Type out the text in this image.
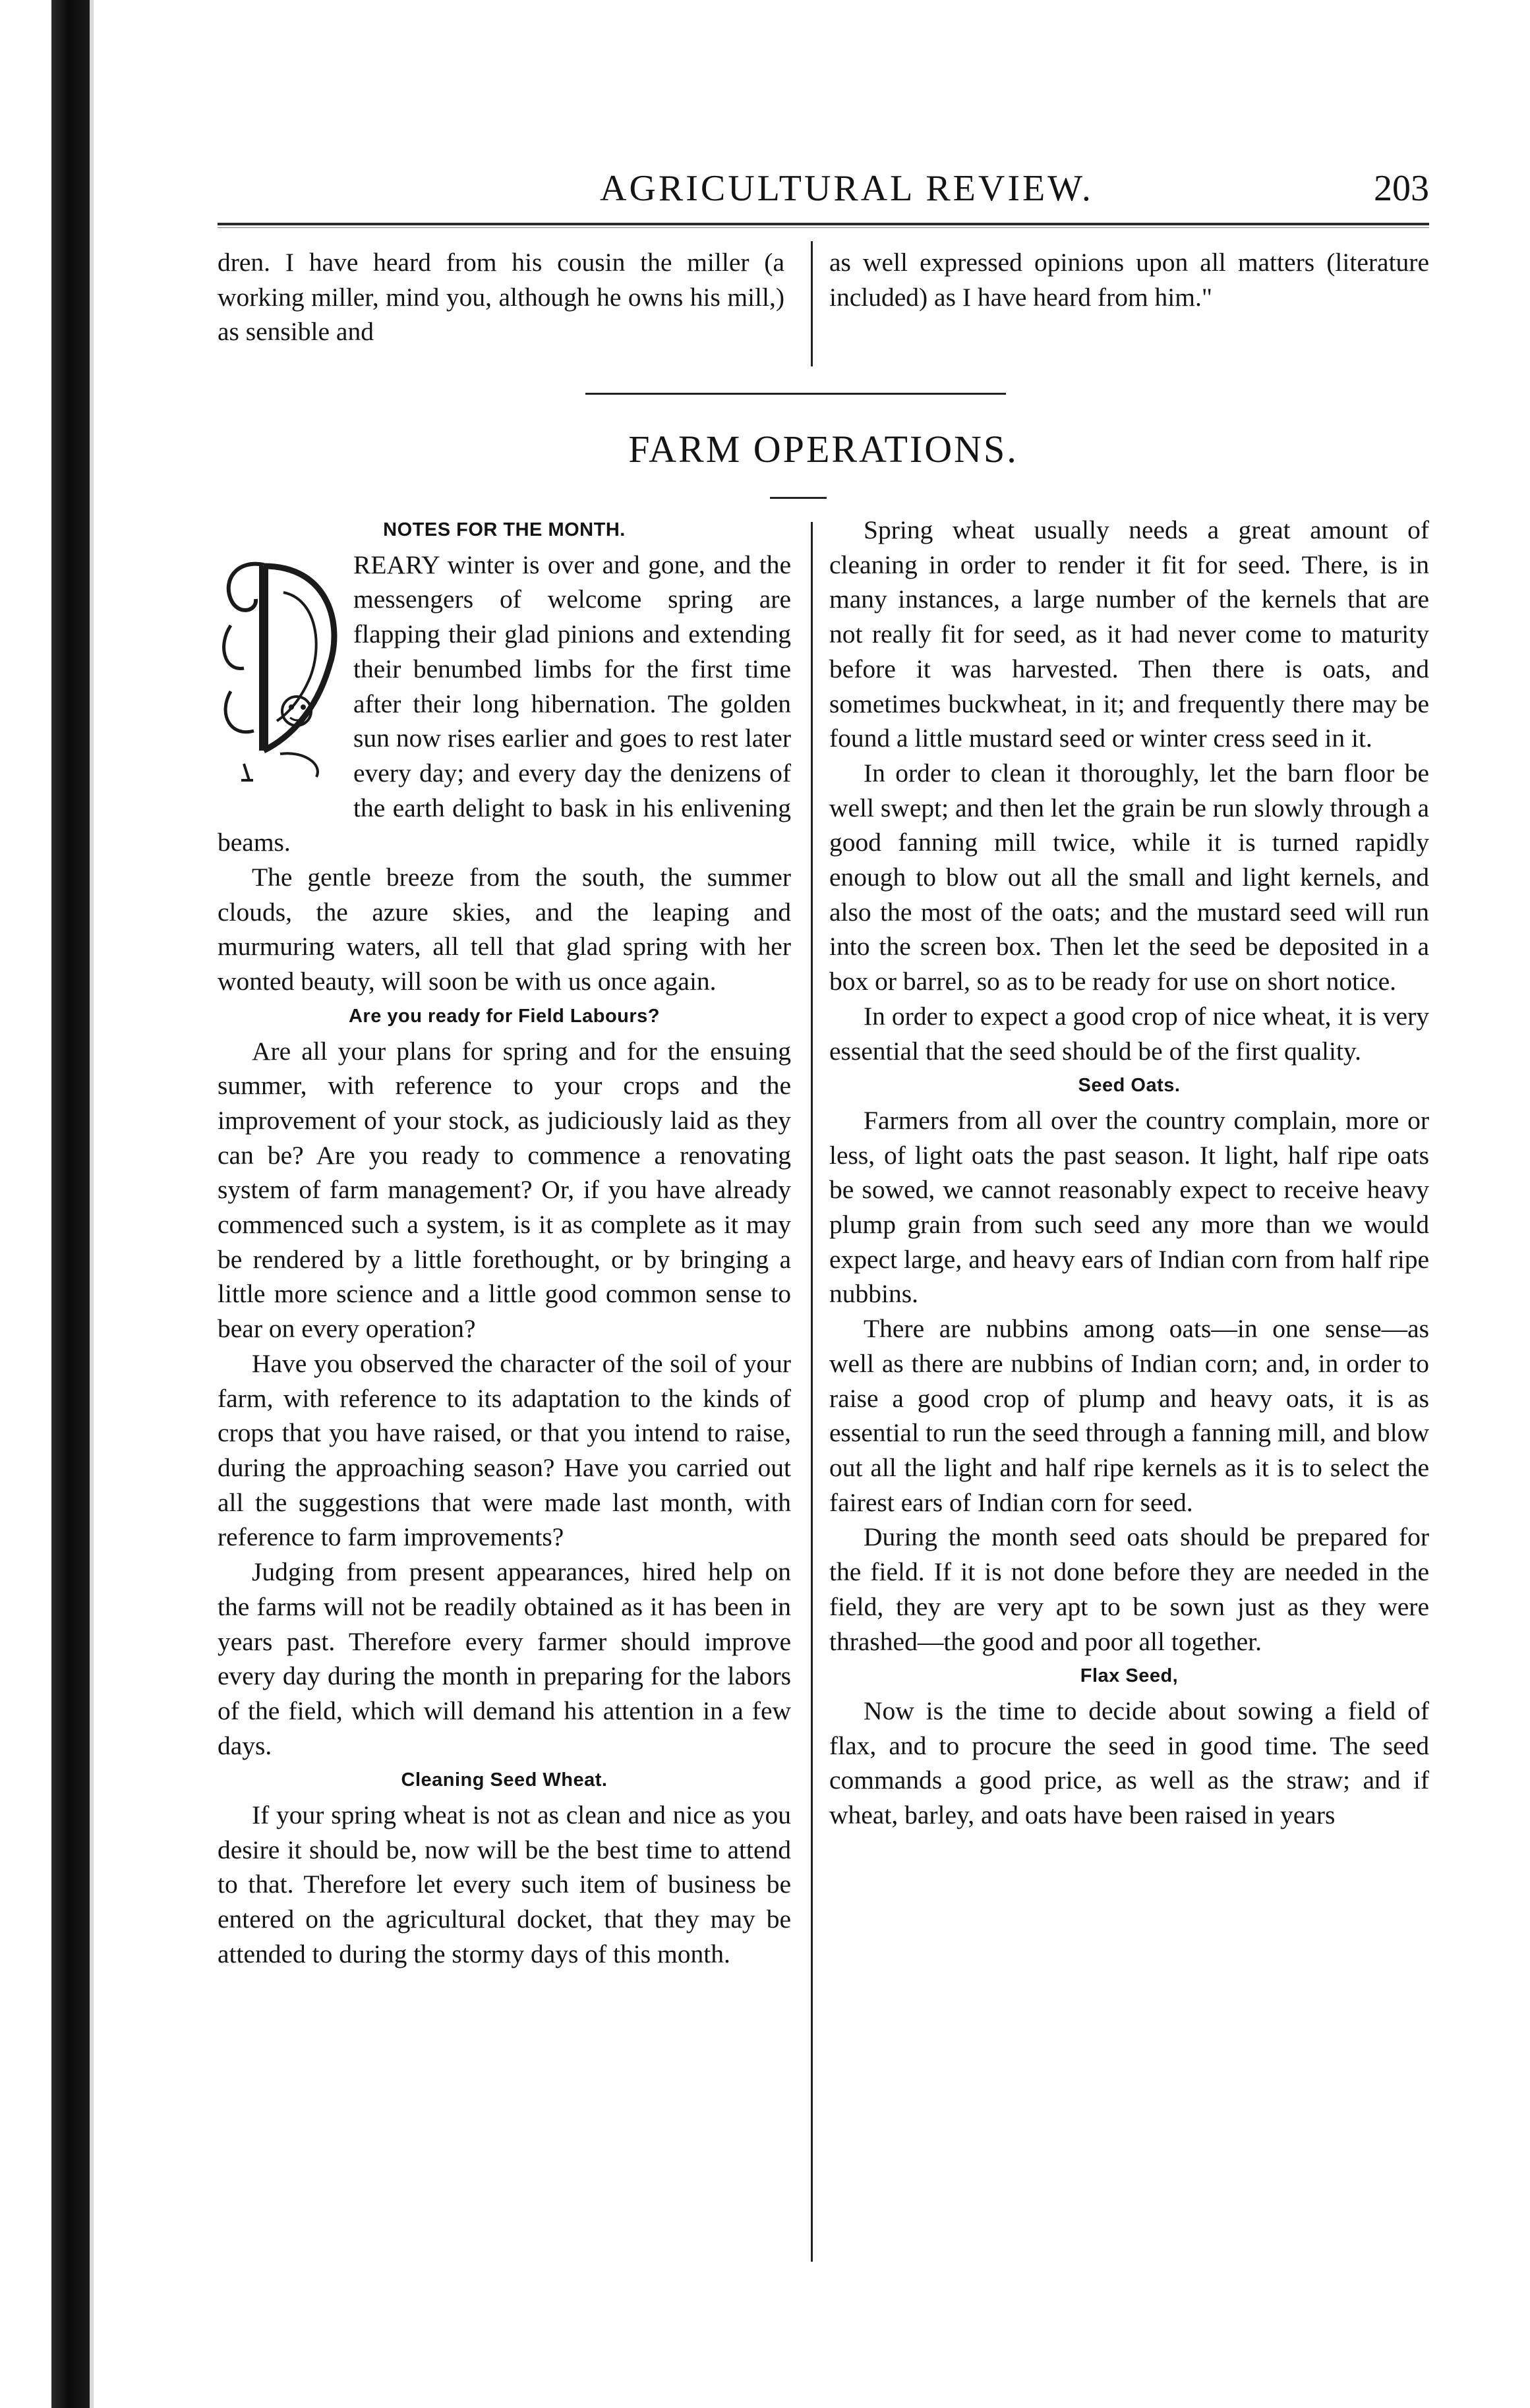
AGRICULTURAL REVIEW.	203

dren. I have heard from his cousin the miller (a working miller, mind you, although he owns his mill,) as sensible and

as well expressed opinions upon all matters (literature included) as I have heard from him."

FARM OPERATIONS.
NOTES FOR THE MONTH.
D

REARY winter is over and gone, and the messengers of welcome spring are flapping their glad pinions and extending their benumbed limbs for the first time after their long hibernation. The golden sun now rises earlier and goes to rest later every day; and every day the denizens of the earth delight to bask in his enlivening beams.

The gentle breeze from the south, the summer clouds, the azure skies, and the leaping and murmuring waters, all tell that glad spring with her wonted beauty, will soon be with us once again.

Are you ready for Field Labours?

Are all your plans for spring and for the ensuing summer, with reference to your crops and the improvement of your stock, as judiciously laid as they can be? Are you ready to commence a renovating system of farm management? Or, if you have already commenced such a system, is it as complete as it may be rendered by a little forethought, or by bringing a little more science and a little good common sense to bear on every operation?

Have you observed the character of the soil of your farm, with reference to its adaptation to the kinds of crops that you have raised, or that you intend to raise, during the approaching season? Have you carried out all the suggestions that were made last month, with reference to farm improvements?

Judging from present appearances, hired help on the farms will not be readily obtained as it has been in years past. Therefore every farmer should improve every day during the month in preparing for the labors of the field, which will demand his attention in a few days.

Cleaning Seed Wheat.

If your spring wheat is not as clean and nice as you desire it should be, now will be the best time to attend to that. Therefore let every such item of business be entered on the agricultural docket, that they may be attended to during the stormy days of this month.

Spring wheat usually needs a great amount of cleaning in order to render it fit for seed. There, is in many instances, a large number of the kernels that are not really fit for seed, as it had never come to maturity before it was harvested. Then there is oats, and sometimes buckwheat, in it; and frequently there may be found a little mustard seed or winter cress seed in it.

In order to clean it thoroughly, let the barn floor be well swept; and then let the grain be run slowly through a good fanning mill twice, while it is turned rapidly enough to blow out all the small and light kernels, and also the most of the oats; and the mustard seed will run into the screen box. Then let the seed be deposited in a box or barrel, so as to be ready for use on short notice.

In order to expect a good crop of nice wheat, it is very essential that the seed should be of the first quality.

Seed Oats.

Farmers from all over the country complain, more or less, of light oats the past season. It light, half ripe oats be sowed, we cannot reasonably expect to receive heavy plump grain from such seed any more than we would expect large, and heavy ears of Indian corn from half ripe nubbins.

There are nubbins among oats—in one sense—as well as there are nubbins of Indian corn; and, in order to raise a good crop of plump and heavy oats, it is as essential to run the seed through a fanning mill, and blow out all the light and half ripe kernels as it is to select the fairest ears of Indian corn for seed.

During the month seed oats should be prepared for the field. If it is not done before they are needed in the field, they are very apt to be sown just as they were thrashed—the good and poor all together.

Flax Seed,

Now is the time to decide about sowing a field of flax, and to procure the seed in good time. The seed commands a good price, as well as the straw; and if wheat, barley, and oats have been raised in years
